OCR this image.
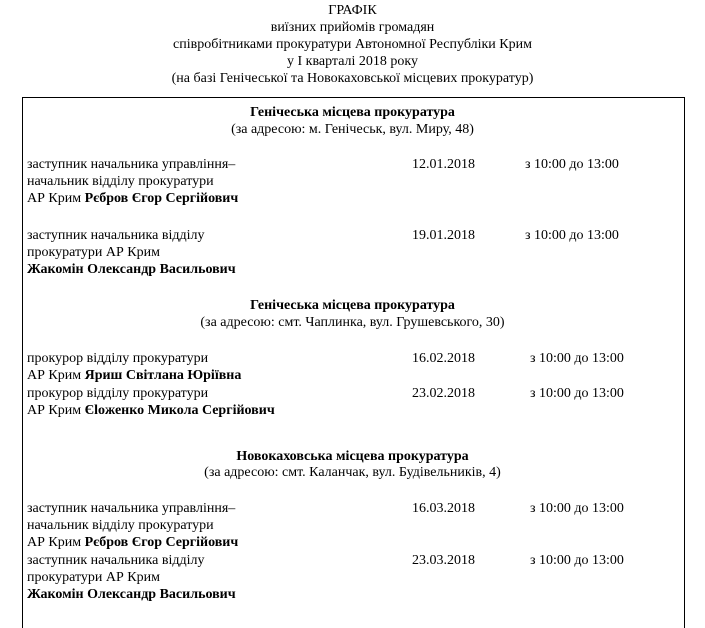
ГРАФІК
виїзних прийомів громадян
співробітниками прокуратури Автономної Республіки Крим
у I кварталі 2018 року
(на базі Генічеської та Новокаховської місцевих прокуратур)
Генічеська місцева прокуратура
(за адресою: м. Генічеськ, вул. Миру, 48)
заступник начальника управління–
начальник відділу прокуратури
АР Крим Рєбров Єгор Сергійович
12.01.2018	з 10:00 до 13:00
заступник начальника відділу
прокуратури АР Крим
Жакомін Олександр Васильович
19.01.2018	з 10:00 до 13:00
Генічеська місцева прокуратура
(за адресою: смт. Чаплинка, вул. Грушевського, 30)
прокурор відділу прокуратури
АР Крим Яриш Світлана Юріївна
16.02.2018	з 10:00 до 13:00
прокурор відділу прокуратури
АР Крим Єloженко Микола Сергійович
23.02.2018	з 10:00 до 13:00
Новокаховська місцева прокуратура
(за адресою: смт. Каланчак, вул. Будівельників, 4)
заступник начальника управління–
начальник відділу прокуратури
АР Крим Рєбров Єгор Сергійович
16.03.2018	з 10:00 до 13:00
заступник начальника відділу
прокуратури АР Крим
Жакомін Олександр Васильович
23.03.2018	з 10:00 до 13:00
